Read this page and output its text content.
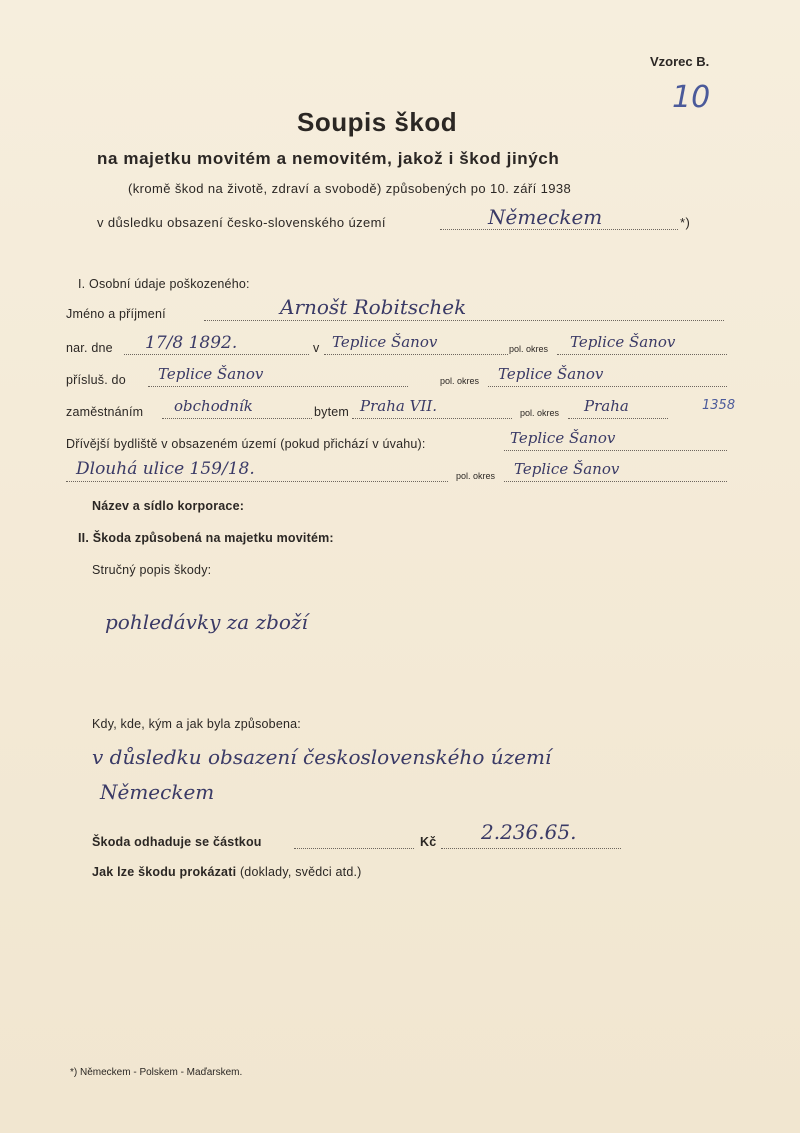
Vzorec B.
10
Soupis škod
na majetku movitém a nemovitém, jakož i škod jiných
(kromě škod na životě, zdraví a svobodě) způsobených po 10. září 1938
v důsledku obsazení česko-slovenského území	Německem	*)
I. Osobní údaje poškozeného:
Jméno a příjmení	Arnošt Robitschek
nar. dne 17/8 1892.	v Teplice Šanov	pol. okres Teplice Šanov
přísluš. do Teplice Šanov	pol. okres Teplice Šanov
zaměstnáním obchodník	bytem Praha VII.	pol. okres Praha	1358
Dřívější bydliště v obsazeném území (pokud přichází v úvahu):	Teplice Šanov
Dlouhá ulice 159/18.	pol. okres Teplice Šanov
Název a sídlo korporace:
II. Škoda způsobená na majetku movitém:
Stručný popis škody:
pohledávky za zboží
Kdy, kde, kým a jak byla způsobena:
v důsledku obsazení československého území
Německem
Škoda odhaduje se částkou	Kč 2.236.65.
Jak lze škodu prokázati (doklady, svědci atd.)
*) Německem - Polskem - Maďarskem.
